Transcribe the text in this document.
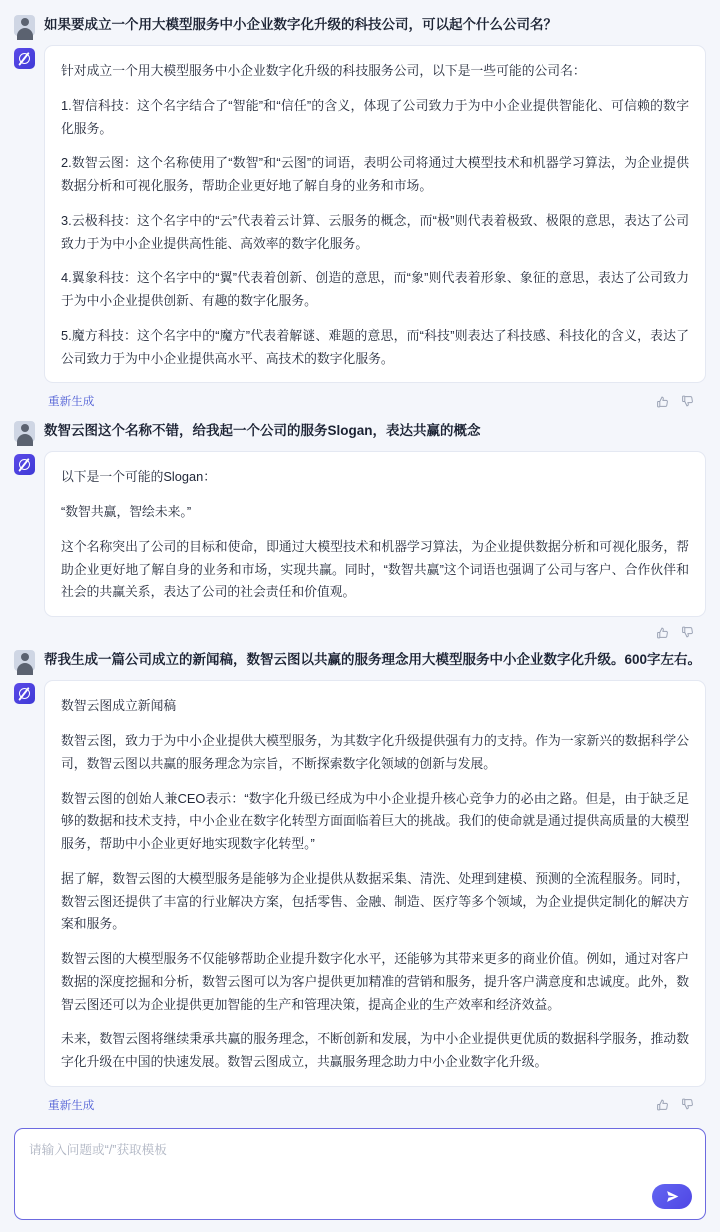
如果要成立一个用大模型服务中小企业数字化升级的科技公司，可以起个什么公司名？

针对成立一个用大模型服务中小企业数字化升级的科技服务公司，以下是一些可能的公司名：

1.智信科技：这个名字结合了“智能”和“信任”的含义，体现了公司致力于为中小企业提供智能化、可信赖的数字化服务。

2.数智云图：这个名称使用了“数智”和“云图”的词语，表明公司将通过大模型技术和机器学习算法，为企业提供数据分析和可视化服务，帮助企业更好地了解自身的业务和市场。

3.云极科技：这个名字中的“云”代表着云计算、云服务的概念，而“极”则代表着极致、极限的意思，表达了公司致力于为中小企业提供高性能、高效率的数字化服务。

4.翼象科技：这个名字中的“翼”代表着创新、创造的意思，而“象”则代表着形象、象征的意思，表达了公司致力于为中小企业提供创新、有趣的数字化服务。

5.魔方科技：这个名字中的“魔方”代表着解谜、难题的意思，而“科技”则表达了科技感、科技化的含义，表达了公司致力于为中小企业提供高水平、高技术的数字化服务。

重新生成
数智云图这个名称不错，给我起一个公司的服务Slogan，表达共赢的概念

以下是一个可能的Slogan：

“数智共赢，智绘未来。”

这个名称突出了公司的目标和使命，即通过大模型技术和机器学习算法，为企业提供数据分析和可视化服务，帮助企业更好地了解自身的业务和市场，实现共赢。同时，“数智共赢”这个词语也强调了公司与客户、合作伙伴和社会的共赢关系，表达了公司的社会责任和价值观。

帮我生成一篇公司成立的新闻稿，数智云图以共赢的服务理念用大模型服务中小企业数字化升级。600字左右。

数智云图成立新闻稿

数智云图，致力于为中小企业提供大模型服务，为其数字化升级提供强有力的支持。作为一家新兴的数据科学公司，数智云图以共赢的服务理念为宗旨，不断探索数字化领域的创新与发展。

数智云图的创始人兼CEO表示：“数字化升级已经成为中小企业提升核心竞争力的必由之路。但是，由于缺乏足够的数据和技术支持，中小企业在数字化转型方面面临着巨大的挑战。我们的使命就是通过提供高质量的大模型服务，帮助中小企业更好地实现数字化转型。”

据了解，数智云图的大模型服务是能够为企业提供从数据采集、清洗、处理到建模、预测的全流程服务。同时，数智云图还提供了丰富的行业解决方案，包括零售、金融、制造、医疗等多个领域，为企业提供定制化的解决方案和服务。

数智云图的大模型服务不仅能够帮助企业提升数字化水平，还能够为其带来更多的商业价值。例如，通过对客户数据的深度挖掘和分析，数智云图可以为客户提供更加精准的营销和服务，提升客户满意度和忠诚度。此外，数智云图还可以为企业提供更加智能的生产和管理决策，提高企业的生产效率和经济效益。

未来，数智云图将继续秉承共赢的服务理念，不断创新和发展，为中小企业提供更优质的数据科学服务，推动数字化升级在中国的快速发展。数智云图成立，共赢服务理念助力中小企业数字化升级。

重新生成
请输入问题或“/”获取模板
